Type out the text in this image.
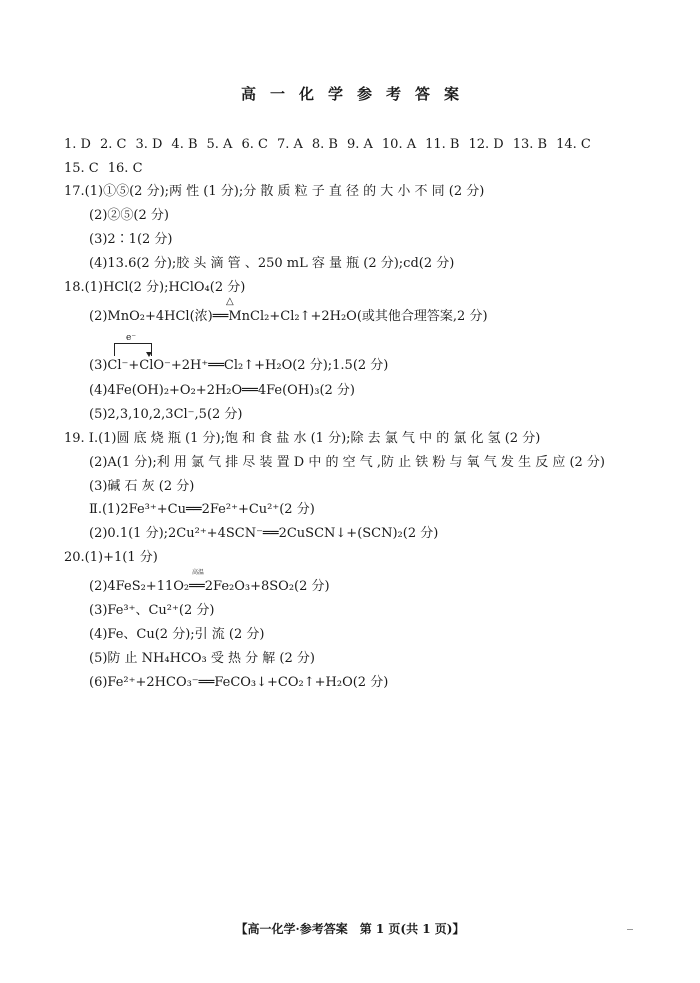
高一化学参考答案
1. D 2. C 3. D 4. B 5. A 6. C 7. A 8. B 9. A 10. A 11. B 12. D 13. B 14. C
15. C 16. C
17.(1)①⑤(2 分);两 性 (1 分);分 散 质 粒 子 直 径 的 大 小 不 同 (2 分)
(2)②⑤(2 分)
(3)2∶1(2 分)
(4)13.6(2 分);胶 头 滴 管 、250 mL 容 量 瓶 (2 分);cd(2 分)
18.(1)HCl(2 分);HClO₄(2 分)
△
(2)MnO₂+4HCl(浓)══MnCl₂+Cl₂↑+2H₂O(或其他合理答案,2 分)
e⁻
(3)Cl⁻+ClO⁻+2H⁺══Cl₂↑+H₂O(2 分);1.5(2 分)
(4)4Fe(OH)₂+O₂+2H₂O══4Fe(OH)₃(2 分)
(5)2,3,10,2,3Cl⁻,5(2 分)
19. Ⅰ.(1)圆 底 烧 瓶 (1 分);饱 和 食 盐 水 (1 分);除 去 氯 气 中 的 氯 化 氢 (2 分)
(2)A(1 分);利 用 氯 气 排 尽 装 置 D 中 的 空 气 ,防 止 铁 粉 与 氧 气 发 生 反 应 (2 分)
(3)碱 石 灰 (2 分)
Ⅱ.(1)2Fe³⁺+Cu══2Fe²⁺+Cu²⁺(2 分)
(2)0.1(1 分);2Cu²⁺+4SCN⁻══2CuSCN↓+(SCN)₂(2 分)
20.(1)+1(1 分)
高温
(2)4FeS₂+11O₂══2Fe₂O₃+8SO₂(2 分)
(3)Fe³⁺、Cu²⁺(2 分)
(4)Fe、Cu(2 分);引 流 (2 分)
(5)防 止 NH₄HCO₃ 受 热 分 解 (2 分)
(6)Fe²⁺+2HCO₃⁻══FeCO₃↓+CO₂↑+H₂O(2 分)
【高一化学·参考答案　第 1 页(共 1 页)】
